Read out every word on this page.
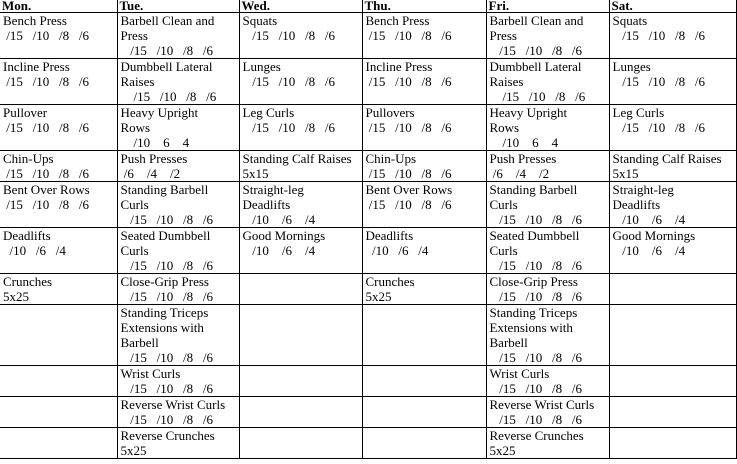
Mon.	Tue.	Wed.	Thu.	Fri.	Sat.

Bench Press
/15   /10   /8   /6	Barbell Clean and
Press
/15   /10   /8   /6	Squats
/15   /10   /8   /6	Bench Press
/15   /10   /8   /6	Barbell Clean and
Press
/15   /10   /8   /6	Squats
/15   /10   /8   /6

Incline Press
/15   /10   /8   /6	Dumbbell Lateral
Raises
/15   /10   /8   /6	Lunges
/15   /10   /8   /6	Incline Press
/15   /10   /8   /6	Dumbbell Lateral
Raises
/15   /10   /8   /6	Lunges
/15   /10   /8   /6

Pullover
/15   /10   /8   /6	Heavy Upright
Rows
/10    6    4	Leg Curls
/15   /10   /8   /6	Pullovers
/15   /10   /8   /6	Heavy Upright
Rows
/10    6    4	Leg Curls
/15   /10   /8   /6

Chin-Ups
/15   /10   /8   /6	Push Presses
/6    /4    /2	Standing Calf Raises
5x15	Chin-Ups
/15   /10   /8   /6	Push Presses
/6    /4    /2	Standing Calf Raises
5x15

Bent Over Rows
/15   /10   /8   /6	Standing Barbell
Curls
/15   /10   /8   /6	Straight-leg
Deadlifts
/10    /6    /4	Bent Over Rows
/15   /10   /8   /6	Standing Barbell
Curls
/15   /10   /8   /6	Straight-leg
Deadlifts
/10    /6    /4

Deadlifts
/10   /6   /4	Seated Dumbbell
Curls
/15   /10   /8   /6	Good Mornings
/10    /6    /4	Deadlifts
/10   /6   /4	Seated Dumbbell
Curls
/15   /10   /8   /6	Good Mornings
/10    /6    /4

Crunches
5x25	Close-Grip Press
/15   /10   /8   /6		Crunches
5x25	Close-Grip Press
/15   /10   /8   /6	

	Standing Triceps
Extensions with
Barbell
/15   /10   /8   /6			Standing Triceps
Extensions with
Barbell
/15   /10   /8   /6	

	Wrist Curls
/15   /10   /8   /6			Wrist Curls
/15   /10   /8   /6	

	Reverse Wrist Curls
/15   /10   /8   /6			Reverse Wrist Curls
/15   /10   /8   /6	

	Reverse Crunches
5x25			Reverse Crunches
5x25	
